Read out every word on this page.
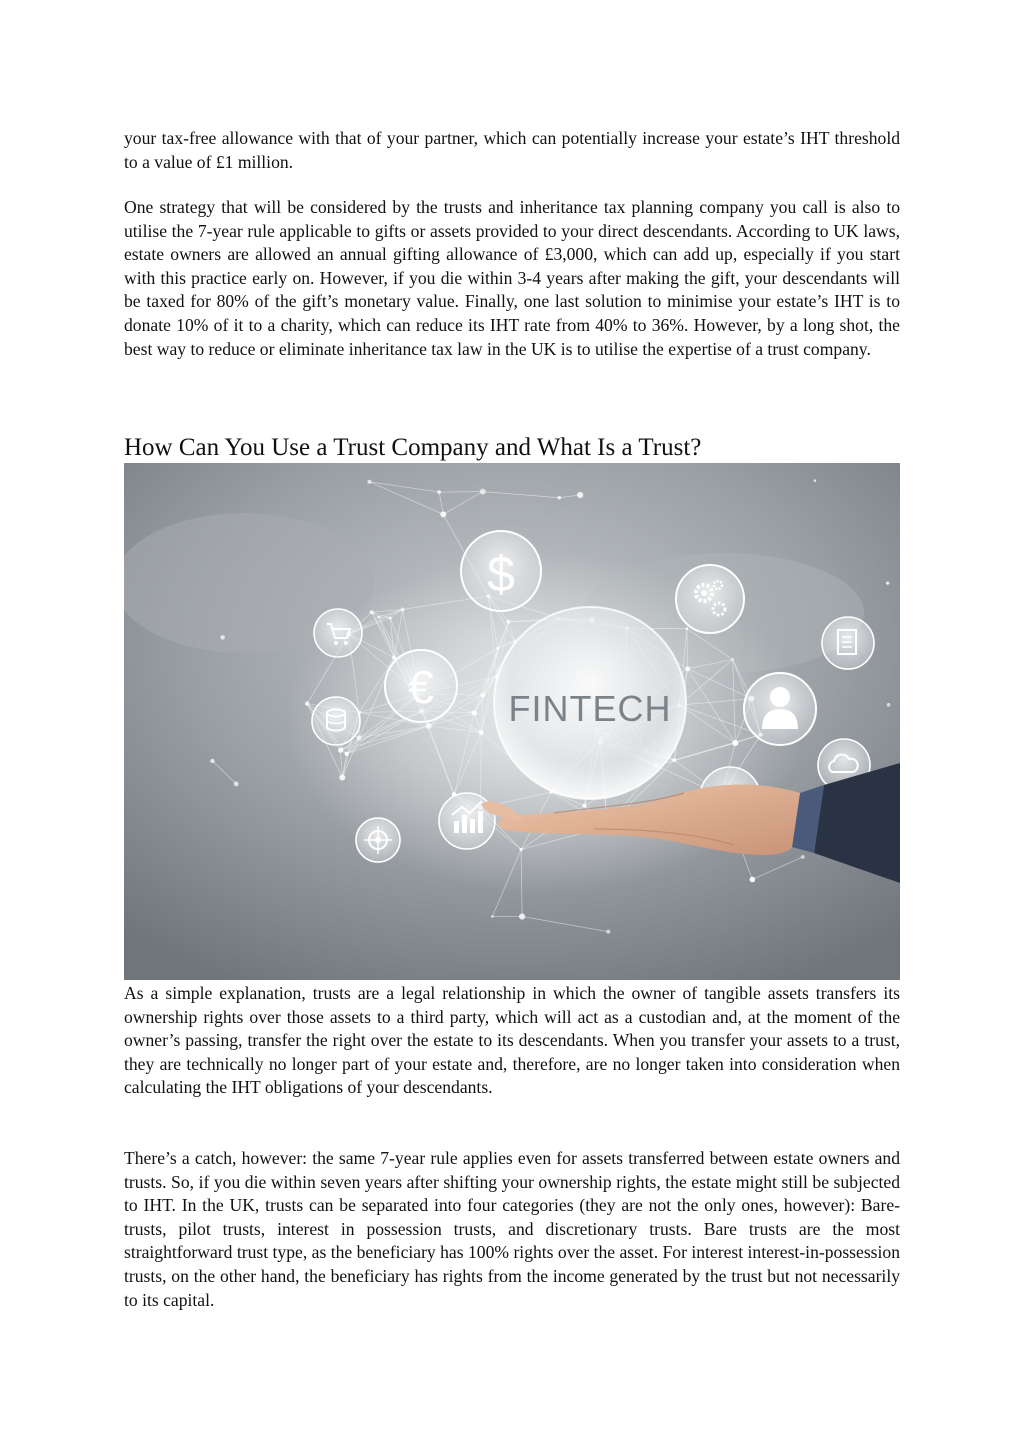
your tax-free allowance with that of your partner, which can potentially increase your estate’s IHT threshold to a value of £1 million.

One strategy that will be considered by the trusts and inheritance tax planning company you call is also to utilise the 7-year rule applicable to gifts or assets provided to your direct descendants. According to UK laws, estate owners are allowed an annual gifting allowance of £3,000, which can add up, especially if you start with this practice early on. However, if you die within 3-4 years after making the gift, your descendants will be taxed for 80% of the gift’s monetary value. Finally, one last solution to minimise your estate’s IHT is to donate 10% of it to a charity, which can reduce its IHT rate from 40% to 36%. However, by a long shot, the best way to reduce or eliminate inheritance tax law in the UK is to utilise the expertise of a trust company.

How Can You Use a Trust Company and What Is a Trust?
FINTECH
$
€

As a simple explanation, trusts are a legal relationship in which the owner of tangible assets transfers its ownership rights over those assets to a third party, which will act as a custodian and, at the moment of the owner’s passing, transfer the right over the estate to its descendants. When you transfer your assets to a trust, they are technically no longer part of your estate and, therefore, are no longer taken into consideration when calculating the IHT obligations of your descendants.

There’s a catch, however: the same 7-year rule applies even for assets transferred between estate owners and trusts. So, if you die within seven years after shifting your ownership rights, the estate might still be subjected to IHT. In the UK, trusts can be separated into four categories (they are not the only ones, however): Bare-trusts, pilot trusts, interest in possession trusts, and discretionary trusts. Bare trusts are the most straightforward trust type, as the beneficiary has 100% rights over the asset. For interest interest-in-possession trusts, on the other hand, the beneficiary has rights from the income generated by the trust but not necessarily to its capital.
